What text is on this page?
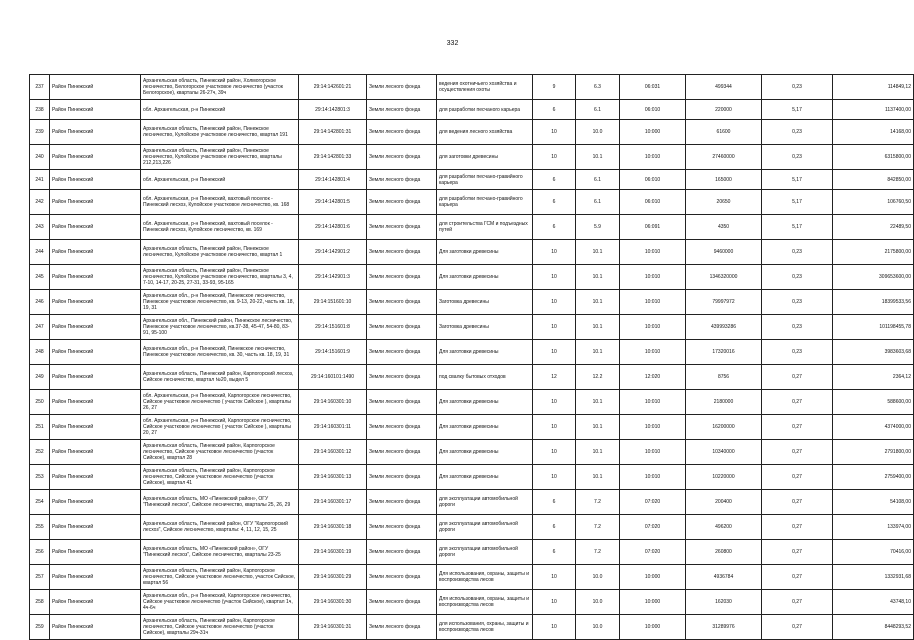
332
237	Район Пинежский	Архангельская область, Пинежский район, Холмогорское лесничество, Белогорское участковое лесничество (участок Белогорское), кварталы 26-27ч, 39ч	29:14:142601:21	Земли лесного фонда	ведения охотничьего хозяйства и осуществления охоты	9	6.3	06:031	499344	0,23	114849,12

238	Район Пинежский	обл. Архангельская, р-н Пинежский	29:14:142801:3	Земли лесного фонда	для разработки песчаного карьера	6	6.1	06:010	220000	5,17	1137400,00

239	Район Пинежский	Архангельская область, Пинежский район, Пинежское лесничество, Кулойское участковое лесничество, квартал 191	29:14:142801:31	Земли лесного фонда	для ведения лесного хозяйства	10	10.0	10:000	61600	0,23	14168,00

240	Район Пинежский	Архангельская область, Пинежский район, Пинежское лесничество, Кулойское участковое лесничество, кварталы 212,213,226	29:14:142801:33	Земли лесного фонда	для заготовки древесины	10	10.1	10:010	27460000	0,23	6315800,00

241	Район Пинежский	обл. Архангельская, р-н Пинежский	29:14:142801:4	Земли лесного фонда	для разработки песчано-гравийного карьера	6	6.1	06:010	165000	5,17	842850,00

242	Район Пинежский	обл. Архангельская, р-н Пинежский, вахтовый поселок - Пинежский лесхоз, Кулойское участковое лесничество, кв. 168	29:14:142801:5	Земли лесного фонда	для разработки песчано-гравийного карьера	6	6.1	06:010	20650	5,17	106760,50

243	Район Пинежский	обл. Архангельская, р-н Пинежский, вахтовый поселок - Пинежский лесхоз, Кулойское лесничество, кв. 169	29:14:142801:6	Земли лесного фонда	для строительства ГСМ и подъездных путей	6	5.9	06:091	4350	5,17	22489,50

244	Район Пинежский	Архангельская область, Пинежский район, Пинежское лесничество, Кулойское участковое лесничество, квартал 1	29:14:142901:2	Земли лесного фонда	Для заготовки древесины	10	10.1	10:010	9460000	0,23	2175800,00

245	Район Пинежский	Архангельская область, Пинежский район, Пинежское лесничество, Кулойское участковое лесничество, кварталы 3, 4, 7-10, 14-17, 20-25, 27-31, 33-93, 95-165	29:14:142901:3	Земли лесного фонда	Для заготовки древесины	10	10.1	10:010	1346320000	0,23	309653600,00

246	Район Пинежский	Архангельская обл., р-н Пинежский, Пинежское лесничество, Пинежское участковое лесничество, кв. 9-13, 20-22, часть кв. 18, 19, 31	29:14:151601:10	Земли лесного фонда	Заготовка древесины	10	10.1	10:010	79997972	0,23	18399533,56

247	Район Пинежский	Архангельская обл., Пинежский район, Пинежское лесничество, Пинежское участковое лесничество, кв.37-38, 45-47, 54-80, 83-91, 95-100	29:14:151601:8	Земли лесного фонда	Заготовка древесины	10	10.1	10:010	439993286	0,23	101198455,78

248	Район Пинежский	Архангельская обл., р-н Пинежский, Пинежское лесничество, Пинежское участковое лесничество, кв. 30, часть кв. 18, 19, 31	29:14:151601:9	Земли лесного фонда	Для заготовки древесины	10	10.1	10:010	17320016	0,23	3983603,68

249	Район Пинежский	Архангельская область, Пинежский район, Карпогорский лесхоз, Сийское лесничество, квартал №20, выдел 5	29:14:160101:1490	Земли лесного фонда	под свалку бытовых отходов	12	12.2	12:020	8756	0,27	2364,12

250	Район Пинежский	обл. Архангельская, р-н Пинежский, Карпогорское лесничество, Сийское участковое лесничество ( участок Сийское ), кварталы 26, 27	29:14:160301:10	Земли лесного фонда	Для заготовки древесины	10	10.1	10:010	2180000	0,27	588600,00

251	Район Пинежский	обл. Архангельская, р-н Пинежский, Карпогорское лесничество, Сийское участковое лесничество ( участок Сийское ), кварталы 20, 27	29:14:160301:11	Земли лесного фонда	Для заготовки древесины	10	10.1	10:010	16200000	0,27	4374000,00

252	Район Пинежский	Архангельская область, Пинежский район, Карпогорское лесничество, Сийское участковое лесничество (участок Сийское), квартал 28	29:14:160301:12	Земли лесного фонда	Для заготовки древесины	10	10.1	10:010	10340000	0,27	2791800,00

253	Район Пинежский	Архангельская область, Пинежский район, Карпогорское лесничество, Сийское участковое лесничество (участок Сийское), квартал 41	29:14:160301:13	Земли лесного фонда	Для заготовки древесины	10	10.1	10:010	10220000	0,27	2759400,00

254	Район Пинежский	Архангельская область, МО «Пинежский район», ОГУ "Пинежский лесхоз", Сийское лесничество, кварталы 25, 26, 29	29:14:160301:17	Земли лесного фонда	для эксплуатации автомобильной дороги	6	7.2	07:020	200400	0,27	54108,00

255	Район Пинежский	Архангельская область, Пинежский район, ОГУ "Карпогорский лесхоз", Сийское лесничество, кварталы: 4, 11, 12, 15, 25	29:14:160301:18	Земли лесного фонда	для эксплуатации автомобильной дороги	6	7.2	07:020	496200	0,27	133974,00

256	Район Пинежский	Архангельская область, МО «Пинежский район», ОГУ "Пинежский лесхоз", Сийское лесничество, кварталы 23-25	29:14:160301:19	Земли лесного фонда	для эксплуатации автомобильной дороги	6	7.2	07:020	260800	0,27	70416,00

257	Район Пинежский	Архангельская область, Пинежский район, Карпогорское лесничество, Сийское участковое лесничество, участок Сийское, квартал 56	29:14:160301:29	Земли лесного фонда	Для использования, охраны, защиты и воспроизводства лесов	10	10.0	10:000	4936784	0,27	1332931,68

258	Район Пинежский	Архангельская обл., р-н Пинежский, Карпогорское лесничество, Сийское участковое лесничество (участок Сийское), квартал 1ч, 4ч-6ч	29:14:160301:30	Земли лесного фонда	Для использования, охраны, защиты и воспроизводства лесов	10	10.0	10:000	162030	0,27	43748,10

259	Район Пинежский	Архангельская область, Пинежский район, Карпогорское лесничество, Сийское участковое лесничество (участок Сийское), кварталы 29ч-31ч	29:14:160301:31	Земли лесного фонда	для использования, охраны, защиты и воспроизводства лесов	10	10.0	10:000	31289976	0,27	8448293,52
